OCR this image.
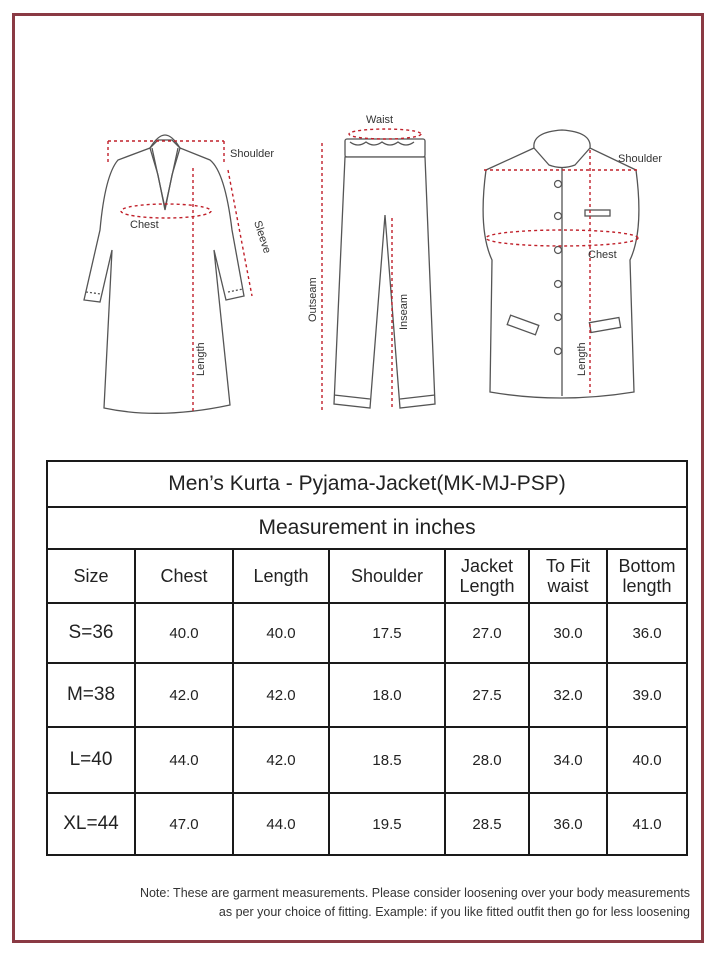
Shoulder
Chest	Sleeve
Length
Waist
Outseam	Inseam
Shoulder
Chest
Length
Men’s Kurta - Pyjama-Jacket(MK-MJ-PSP)						
Measurement in inches						
Size	Chest	Length	Shoulder	Jacket Length	To Fit waist	Bottom length
S=36	40.0	40.0	17.5	27.0	30.0	36.0
M=38	42.0	42.0	18.0	27.5	32.0	39.0
L=40	44.0	42.0	18.5	28.0	34.0	40.0
XL=44	47.0	44.0	19.5	28.5	36.0	41.0
Note: These are garment measurements. Please consider loosening over your body measurements
as per your choice of fitting. Example: if you like fitted outfit then go for less loosening
